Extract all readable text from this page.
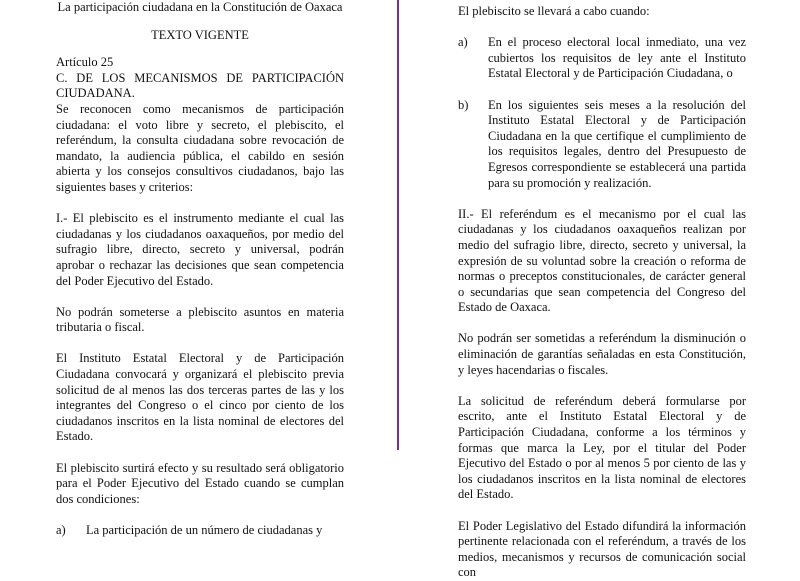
La participación ciudadana en la Constitución de Oaxaca
TEXTO VIGENTE
Artículo 25
C. DE LOS MECANISMOS DE PARTICIPACIÓN CIUDADANA.
Se reconocen como mecanismos de participación ciudadana: el voto libre y secreto, el plebiscito, el referéndum, la consulta ciudadana sobre revocación de mandato, la audiencia pública, el cabildo en sesión abierta y los consejos consultivos ciudadanos, bajo las siguientes bases y criterios:
I.- El plebiscito es el instrumento mediante el cual las ciudadanas y los ciudadanos oaxaqueños, por medio del sufragio libre, directo, secreto y universal, podrán aprobar o rechazar las decisiones que sean competencia del Poder Ejecutivo del Estado.
No podrán someterse a plebiscito asuntos en materia tributaria o fiscal.
El Instituto Estatal Electoral y de Participación Ciudadana convocará y organizará el plebiscito previa solicitud de al menos las dos terceras partes de las y los integrantes del Congreso o el cinco por ciento de los ciudadanos inscritos en la lista nominal de electores del Estado.
El plebiscito surtirá efecto y su resultado será obligatorio para el Poder Ejecutivo del Estado cuando se cumplan dos condiciones:
a)	La participación de un número de ciudadanas y
El plebiscito se llevará a cabo cuando:
a)	En el proceso electoral local inmediato, una vez cubiertos los requisitos de ley ante el Instituto Estatal Electoral y de Participación Ciudadana, o
b)	En los siguientes seis meses a la resolución del Instituto Estatal Electoral y de Participación Ciudadana en la que certifique el cumplimiento de los requisitos legales, dentro del Presupuesto de Egresos correspondiente se establecerá una partida para su promoción y realización.
II.- El referéndum es el mecanismo por el cual las ciudadanas y los ciudadanos oaxaqueños realizan por medio del sufragio libre, directo, secreto y universal, la expresión de su voluntad sobre la creación o reforma de normas o preceptos constitucionales, de carácter general o secundarias que sean competencia del Congreso del Estado de Oaxaca.
No podrán ser sometidas a referéndum la disminución o eliminación de garantías señaladas en esta Constitución, y leyes hacendarias o fiscales.
La solicitud de referéndum deberá formularse por escrito, ante el Instituto Estatal Electoral y de Participación Ciudadana, conforme a los términos y formas que marca la Ley, por el titular del Poder Ejecutivo del Estado o por al menos 5 por ciento de las y los ciudadanos inscritos en la lista nominal de electores del Estado.
El Poder Legislativo del Estado difundirá la información pertinente relacionada con el referéndum, a través de los medios, mecanismos y recursos de comunicación social con
